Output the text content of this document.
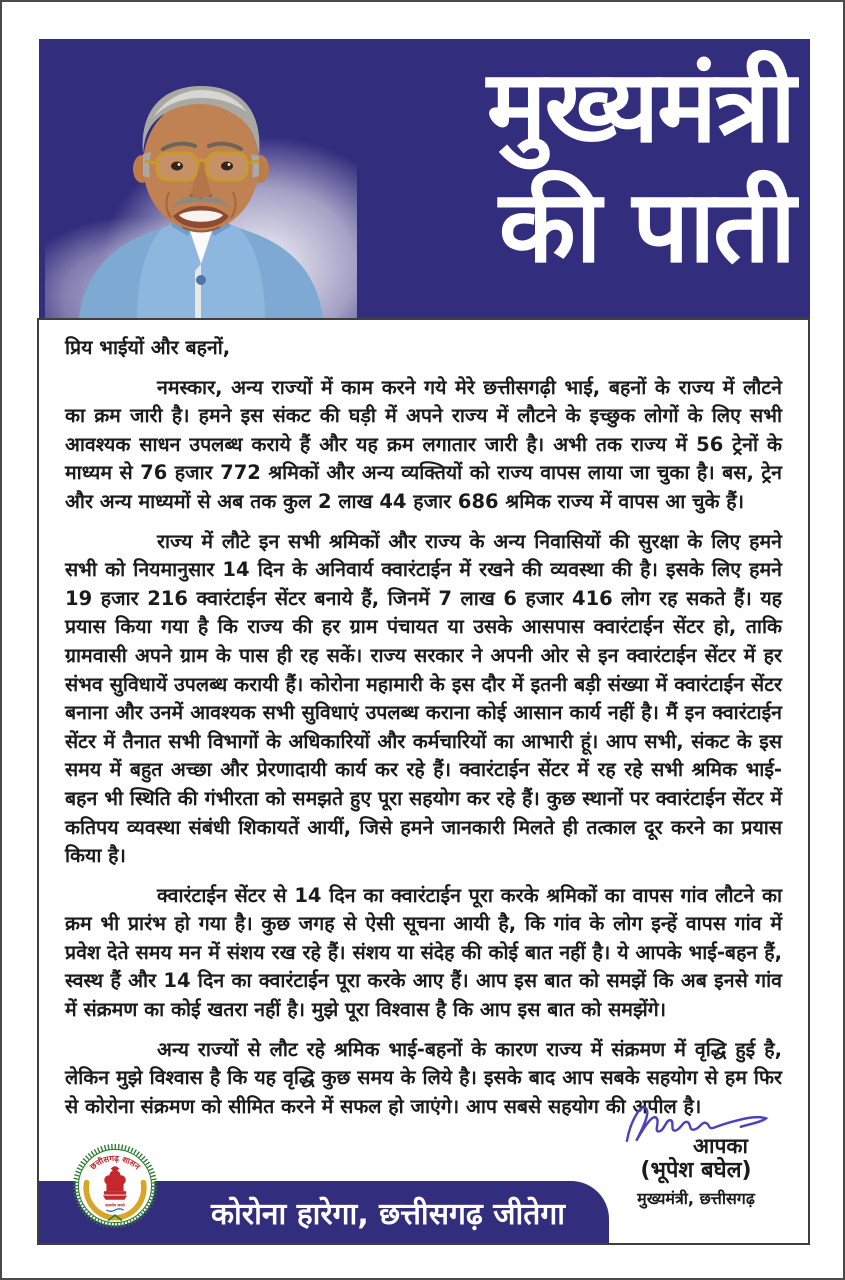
मुख्यमंत्री
की पाती

प्रिय भाईयों और बहनों,

नमस्कार, अन्य राज्यों में काम करने गये मेरे छत्तीसगढ़ी भाई, बहनों के राज्य में लौटने का क्रम जारी है। हमने इस संकट की घड़ी में अपने राज्य में लौटने के इच्छुक लोगों के लिए सभी आवश्यक साधन उपलब्ध कराये हैं और यह क्रम लगातार जारी है। अभी तक राज्य में 56 ट्रेनों के माध्यम से 76 हजार 772 श्रमिकों और अन्य व्यक्तियों को राज्य वापस लाया जा चुका है। बस, ट्रेन और अन्य माध्यमों से अब तक कुल 2 लाख 44 हजार 686 श्रमिक राज्य में वापस आ चुके हैं।

राज्य में लौटे इन सभी श्रमिकों और राज्य के अन्य निवासियों की सुरक्षा के लिए हमने सभी को नियमानुसार 14 दिन के अनिवार्य क्वारंटाईन में रखने की व्यवस्था की है। इसके लिए हमने 19 हजार 216 क्वारंटाईन सेंटर बनाये हैं, जिनमें 7 लाख 6 हजार 416 लोग रह सकते हैं। यह प्रयास किया गया है कि राज्य की हर ग्राम पंचायत या उसके आसपास क्वारंटाईन सेंटर हो, ताकि ग्रामवासी अपने ग्राम के पास ही रह सकें। राज्य सरकार ने अपनी ओर से इन क्वारंटाईन सेंटर में हर संभव सुविधायें उपलब्ध करायी हैं। कोरोना महामारी के इस दौर में इतनी बड़ी संख्या में क्वारंटाईन सेंटर बनाना और उनमें आवश्यक सभी सुविधाएं उपलब्ध कराना कोई आसान कार्य नहीं है। मैं इन क्वारंटाईन सेंटर में तैनात सभी विभागों के अधिकारियों और कर्मचारियों का आभारी हूं। आप सभी, संकट के इस समय में बहुत अच्छा और प्रेरणादायी कार्य कर रहे हैं। क्वारंटाईन सेंटर में रह रहे सभी श्रमिक भाई-बहन भी स्थिति की गंभीरता को समझते हुए पूरा सहयोग कर रहे हैं। कुछ स्थानों पर क्वारंटाईन सेंटर में कतिपय व्यवस्था संबंधी शिकायतें आयीं, जिसे हमने जानकारी मिलते ही तत्काल दूर करने का प्रयास किया है।

क्वारंटाईन सेंटर से 14 दिन का क्वारंटाईन पूरा करके श्रमिकों का वापस गांव लौटने का क्रम भी प्रारंभ हो गया है। कुछ जगह से ऐसी सूचना आयी है, कि गांव के लोग इन्हें वापस गांव में प्रवेश देते समय मन में संशय रख रहे हैं। संशय या संदेह की कोई बात नहीं है। ये आपके भाई-बहन हैं, स्वस्थ हैं और 14 दिन का क्वारंटाईन पूरा करके आए हैं। आप इस बात को समझें कि अब इनसे गांव में संक्रमण का कोई खतरा नहीं है। मुझे पूरा विश्वास है कि आप इस बात को समझेंगे।

अन्य राज्यों से लौट रहे श्रमिक भाई-बहनों के कारण राज्य में संक्रमण में वृद्धि हुई है, लेकिन मुझे विश्वास है कि यह वृद्धि कुछ समय के लिये है। इसके बाद आप सबके सहयोग से हम फिर से कोरोना संक्रमण को सीमित करने में सफल हो जाएंगे। आप सबसे सहयोग की अपील है।

आपका
(भूपेश बघेल)
मुख्यमंत्री, छत्तीसगढ़
कोरोना हारेगा, छत्तीसगढ़ जीतेगा
छत्तीसगढ़ शासन
सत्यमेव जयते
